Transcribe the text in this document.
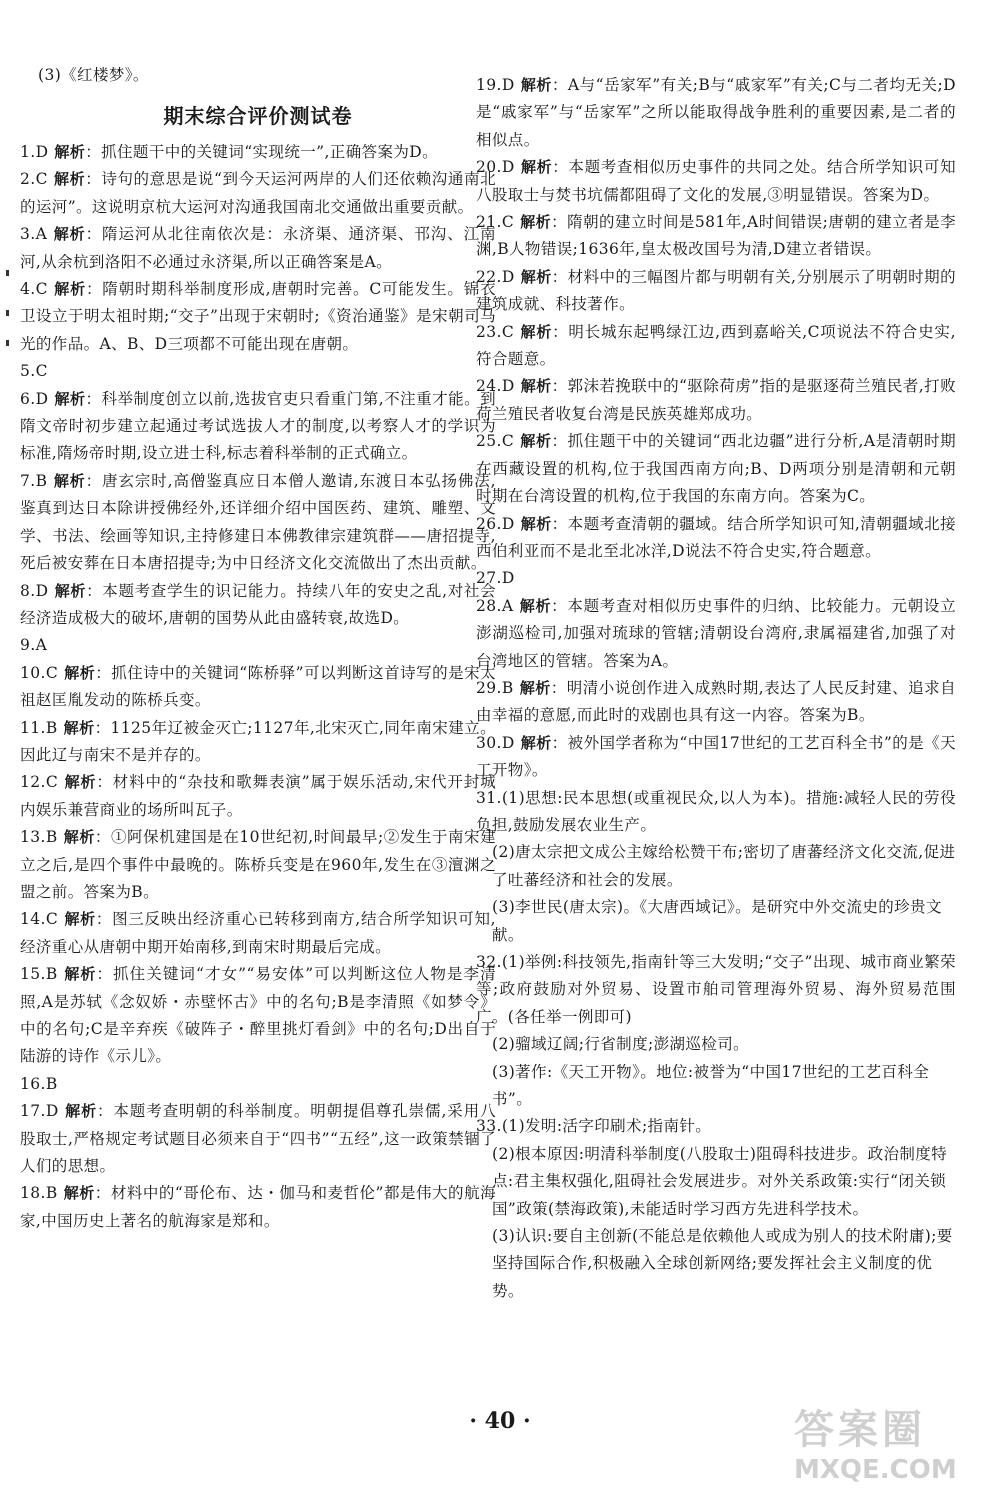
(3)《红楼梦》。
期末综合评价测试卷
1.D 解析：抓住题干中的关键词“实现统一”,正确答案为D。
2.C 解析：诗句的意思是说“到今天运河两岸的人们还依赖沟通南北的运河”。这说明京杭大运河对沟通我国南北交通做出重要贡献。
3.A 解析：隋运河从北往南依次是：永济渠、通济渠、邗沟、江南河,从余杭到洛阳不必通过永济渠,所以正确答案是A。
4.C 解析：隋朝时期科举制度形成,唐朝时完善。C可能发生。锦衣卫设立于明太祖时期;“交子”出现于宋朝时;《资治通鉴》是宋朝司马光的作品。A、B、D三项都不可能出现在唐朝。
5.C
6.D 解析：科举制度创立以前,选拔官吏只看重门第,不注重才能。到隋文帝时初步建立起通过考试选拔人才的制度,以考察人才的学识为标准,隋炀帝时期,设立进士科,标志着科举制的正式确立。
7.B 解析：唐玄宗时,高僧鉴真应日本僧人邀请,东渡日本弘扬佛法,鉴真到达日本除讲授佛经外,还详细介绍中国医药、建筑、雕塑、文学、书法、绘画等知识,主持修建日本佛教律宗建筑群——唐招提寺,死后被安葬在日本唐招提寺;为中日经济文化交流做出了杰出贡献。
8.D 解析：本题考查学生的识记能力。持续八年的安史之乱,对社会经济造成极大的破坏,唐朝的国势从此由盛转衰,故选D。
9.A
10.C 解析：抓住诗中的关键词“陈桥驿”可以判断这首诗写的是宋太祖赵匡胤发动的陈桥兵变。
11.B 解析：1125年辽被金灭亡;1127年,北宋灭亡,同年南宋建立。因此辽与南宋不是并存的。
12.C 解析：材料中的“杂技和歌舞表演”属于娱乐活动,宋代开封城内娱乐兼营商业的场所叫瓦子。
13.B 解析：①阿保机建国是在10世纪初,时间最早;②发生于南宋建立之后,是四个事件中最晚的。陈桥兵变是在960年,发生在③澶渊之盟之前。答案为B。
14.C 解析：图三反映出经济重心已转移到南方,结合所学知识可知,经济重心从唐朝中期开始南移,到南宋时期最后完成。
15.B 解析：抓住关键词“才女”“易安体”可以判断这位人物是李清照,A是苏轼《念奴娇・赤壁怀古》中的名句;B是李清照《如梦令》中的名句;C是辛弃疾《破阵子・醉里挑灯看剑》中的名句;D出自于陆游的诗作《示儿》。
16.B
17.D 解析：本题考查明朝的科举制度。明朝提倡尊孔崇儒,采用八股取士,严格规定考试题目必须来自于“四书”“五经”,这一政策禁锢了人们的思想。
18.B 解析：材料中的“哥伦布、达・伽马和麦哲伦”都是伟大的航海家,中国历史上著名的航海家是郑和。
19.D 解析：A与“岳家军”有关;B与“戚家军”有关;C与二者均无关;D是“戚家军”与“岳家军”之所以能取得战争胜利的重要因素,是二者的相似点。
20.D 解析：本题考查相似历史事件的共同之处。结合所学知识可知八股取士与焚书坑儒都阻碍了文化的发展,③明显错误。答案为D。
21.C 解析：隋朝的建立时间是581年,A时间错误;唐朝的建立者是李渊,B人物错误;1636年,皇太极改国号为清,D建立者错误。
22.D 解析：材料中的三幅图片都与明朝有关,分别展示了明朝时期的建筑成就、科技著作。
23.C 解析：明长城东起鸭绿江边,西到嘉峪关,C项说法不符合史实,符合题意。
24.D 解析：郭沫若挽联中的“驱除荷虏”指的是驱逐荷兰殖民者,打败荷兰殖民者收复台湾是民族英雄郑成功。
25.C 解析：抓住题干中的关键词“西北边疆”进行分析,A是清朝时期在西藏设置的机构,位于我国西南方向;B、D两项分别是清朝和元朝时期在台湾设置的机构,位于我国的东南方向。答案为C。
26.D 解析：本题考查清朝的疆域。结合所学知识可知,清朝疆域北接西伯利亚而不是北至北冰洋,D说法不符合史实,符合题意。
27.D
28.A 解析：本题考查对相似历史事件的归纳、比较能力。元朝设立澎湖巡检司,加强对琉球的管辖;清朝设台湾府,隶属福建省,加强了对台湾地区的管辖。答案为A。
29.B 解析：明清小说创作进入成熟时期,表达了人民反封建、追求自由幸福的意愿,而此时的戏剧也具有这一内容。答案为B。
30.D 解析：被外国学者称为“中国17世纪的工艺百科全书”的是《天工开物》。
31.(1)思想:民本思想(或重视民众,以人为本)。措施:减轻人民的劳役负担,鼓励发展农业生产。
(2)唐太宗把文成公主嫁给松赞干布;密切了唐蕃经济文化交流,促进了吐蕃经济和社会的发展。
(3)李世民(唐太宗)。《大唐西域记》。是研究中外交流史的珍贵文献。
32.(1)举例:科技领先,指南针等三大发明;“交子”出现、城市商业繁荣等;政府鼓励对外贸易、设置市舶司管理海外贸易、海外贸易范围广。(各任举一例即可)
(2)骝域辽阔;行省制度;澎湖巡检司。
(3)著作:《天工开物》。地位:被誉为“中国17世纪的工艺百科全书”。
33.(1)发明:活字印刷术;指南针。
(2)根本原因:明清科举制度(八股取士)阻碍科技进步。政治制度特点:君主集权强化,阻碍社会发展进步。对外关系政策:实行“闭关锁国”政策(禁海政策),未能适时学习西方先进科学技术。
(3)认识:要自主创新(不能总是依赖他人或成为别人的技术附庸);要坚持国际合作,积极融入全球创新网络;要发挥社会主义制度的优势。
· 40 ·	答案圈
MXQE.COM
